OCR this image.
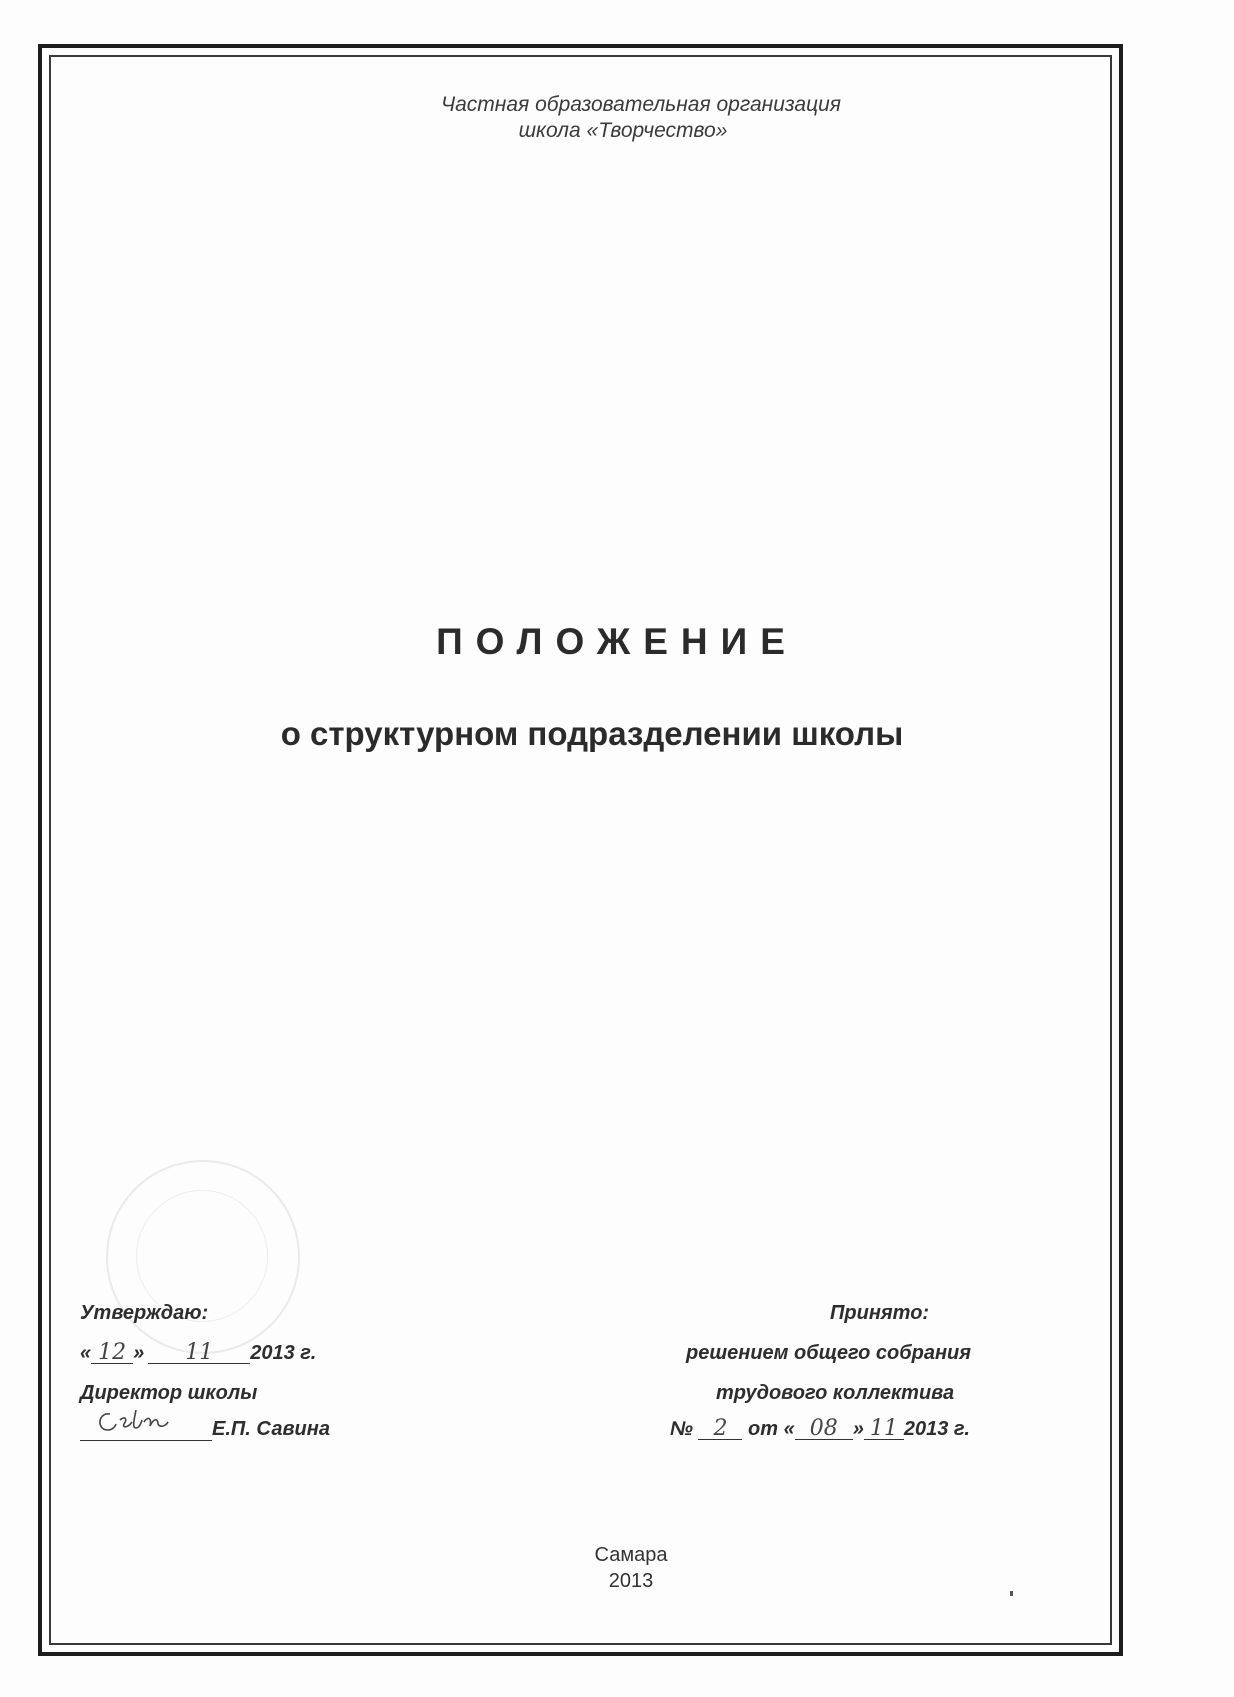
Частная образовательная организация
школа «Творчество»
ПОЛОЖЕНИЕ
о структурном подразделении школы
Утверждаю:
« 12 » 11 2013 г.
Директор школы
Е.П. Савина
Принято:
решением общего собрания
трудового коллектива
№ 2 от « 08 » 11 2013 г.
Самара
2013
